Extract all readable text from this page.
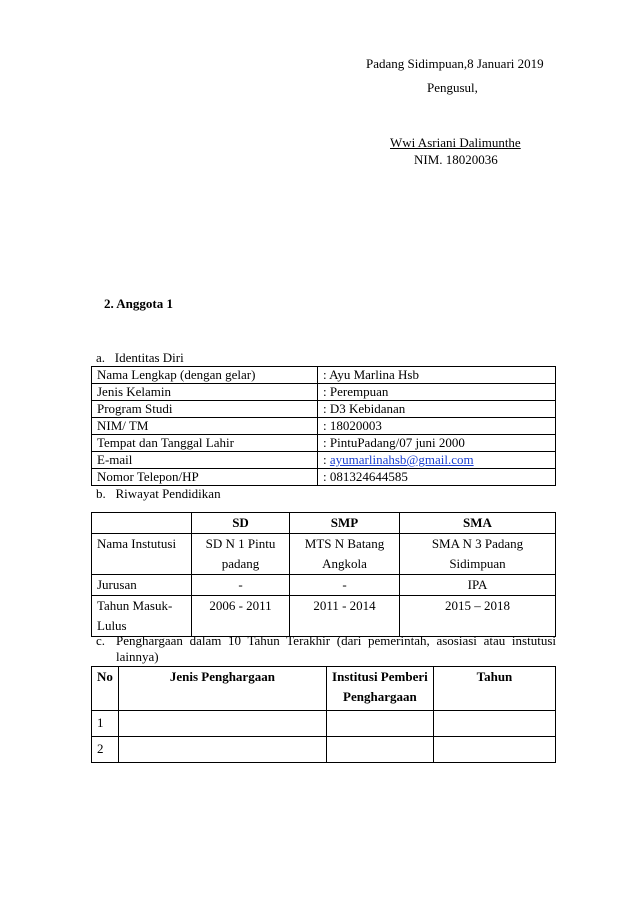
Padang Sidimpuan,8 Januari 2019
Pengusul,
Wwi Asriani Dalimunthe
NIM. 18020036
2. Anggota 1
a.   Identitas Diri
Nama Lengkap (dengan gelar)	: Ayu Marlina Hsb
Jenis Kelamin	: Perempuan
Program Studi	: D3 Kebidanan
NIM/ TM	: 18020003
Tempat dan Tanggal Lahir	: PintuPadang/07 juni 2000
E-mail	: ayumarlinahsb@gmail.com
Nomor Telepon/HP	: 081324644585
b.   Riwayat Pendidikan
	SD	SMP	SMA
Nama Instutusi	SD N 1 Pintu padang	MTS N Batang Angkola	SMA N 3 Padang Sidimpuan
Jurusan	-	-	IPA
Tahun Masuk-Lulus	2006 - 2011	2011 - 2014	2015 – 2018
c. Penghargaan dalam 10 Tahun Terakhir (dari pemerintah, asosiasi atau instutusi lainnya)
No	Jenis Penghargaan	Institusi Pemberi Penghargaan	Tahun
1			
2			
